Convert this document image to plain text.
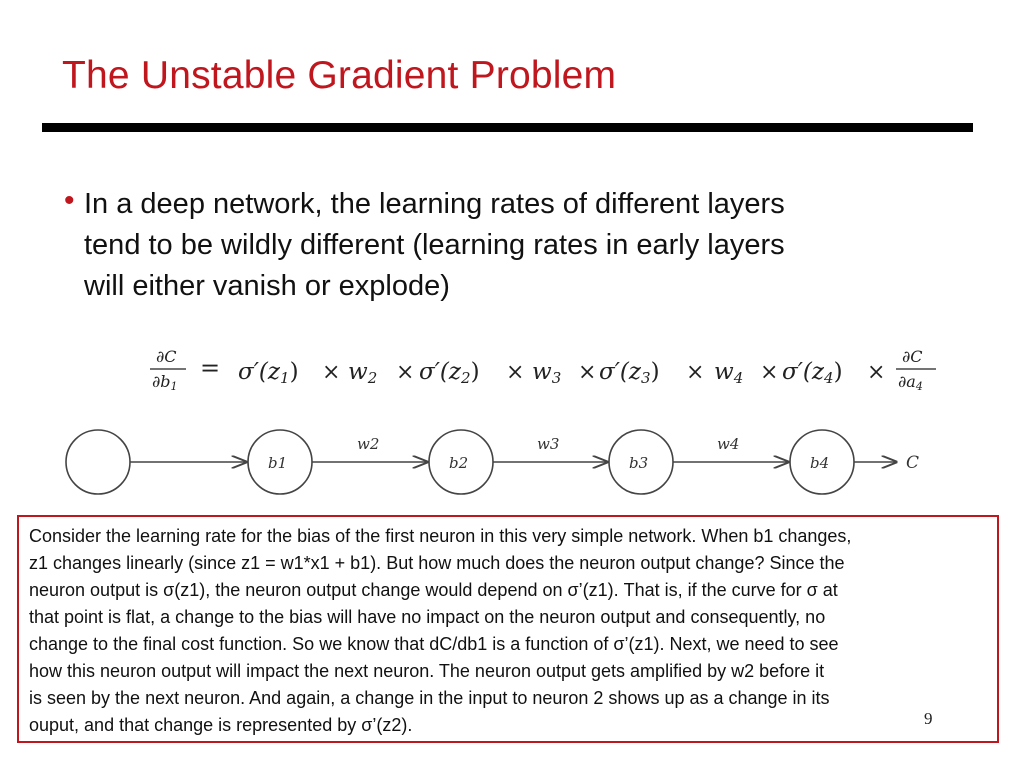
The Unstable Gradient Problem
• In a deep network, the learning rates of different layers
tend to be wildly different (learning rates in early layers
will either vanish or explode)
∂C
∂b1
= σ′(z1) × w2 × σ′(z2) × w3 × σ′(z3) × w4 × σ′(z4) ×
∂C
∂a4
b1	b2	b3	b4
w2	w3	w4
C
Consider the learning rate for the bias of the first neuron in this very simple network. When b1 changes,
z1 changes linearly (since z1 = w1*x1 + b1). But how much does the neuron output change? Since the
neuron output is σ(z1), the neuron output change would depend on σ’(z1). That is, if the curve for σ at
that point is flat, a change to the bias will have no impact on the neuron output and consequently, no
change to the final cost function. So we know that dC/db1 is a function of σ’(z1). Next, we need to see
how this neuron output will impact the next neuron. The neuron output gets amplified by w2 before it
is seen by the next neuron. And again, a change in the input to neuron 2 shows up as a change in its
ouput, and that change is represented by σ’(z2).	9
